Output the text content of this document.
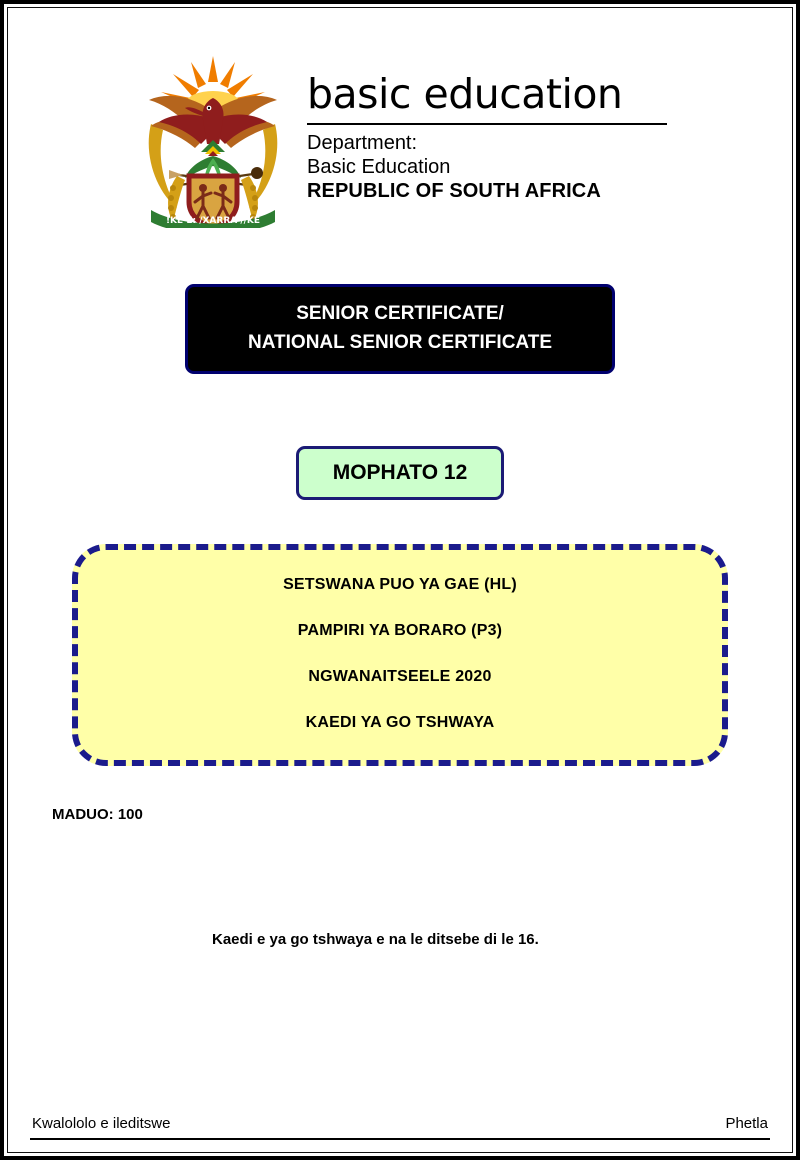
!KE E: /XARRA //KE
basic education
Department:
Basic Education
REPUBLIC OF SOUTH AFRICA
SENIOR CERTIFICATE/
NATIONAL SENIOR CERTIFICATE
MOPHATO 12

SETSWANA PUO YA GAE (HL)

PAMPIRI YA BORARO (P3)

NGWANAITSEELE 2020

KAEDI YA GO TSHWAYA

MADUO: 100
Kaedi e ya go tshwaya e na le ditsebe di le 16.
Kwalololo e ileditswe	Phetla
